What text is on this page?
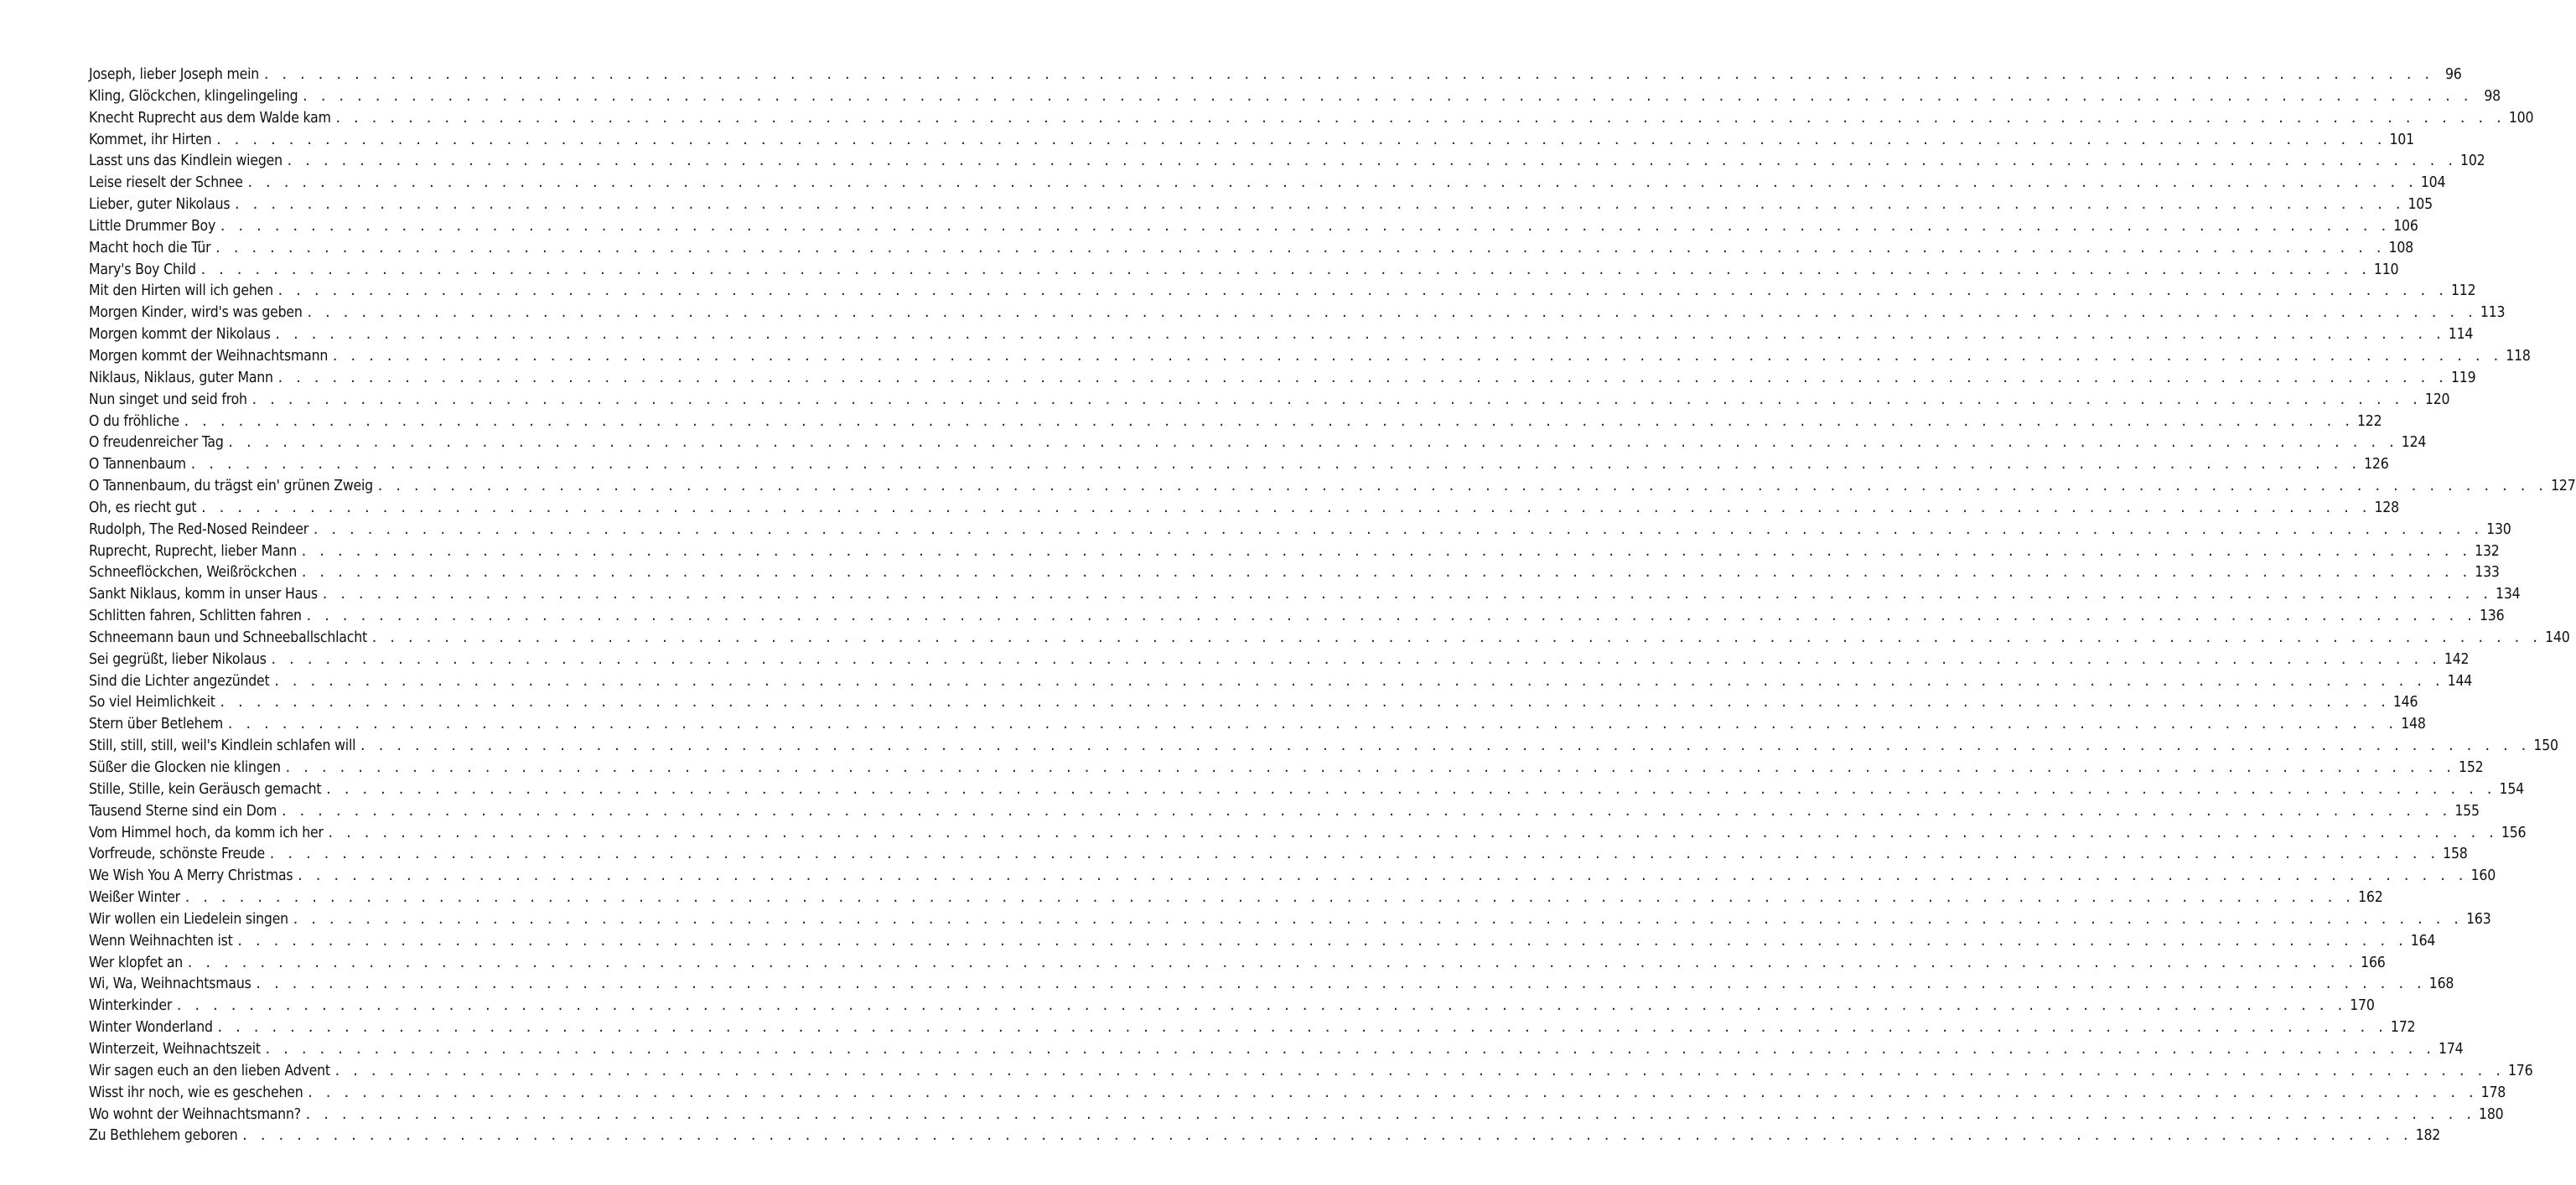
Joseph, lieber Joseph mein . . . . . . . . . . . . . . . . . . . . . . . . . . . . . . . . . . . . . . . . . . . . . . . . . . . . . . . . . . . . . . . . . . . . . . . . . . . . . . . . . . . . . . . . . . . . . . . . . . . . . . . . . . . . . . . . . . . . . . . . 96
Kling, Glöckchen, klingelingeling . . . . . . . . . . . . . . . . . . . . . . . . . . . . . . . . . . . . . . . . . . . . . . . . . . . . . . . . . . . . . . . . . . . . . . . . . . . . . . . . . . . . . . . . . . . . . . . . . . . . . . . . . . . . . . . . . . . . . . . . 98
Knecht Ruprecht aus dem Walde kam . . . . . . . . . . . . . . . . . . . . . . . . . . . . . . . . . . . . . . . . . . . . . . . . . . . . . . . . . . . . . . . . . . . . . . . . . . . . . . . . . . . . . . . . . . . . . . . . . . . . . . . . . . . . . . . . . . . . . . . . 100
Kommet, ihr Hirten . . . . . . . . . . . . . . . . . . . . . . . . . . . . . . . . . . . . . . . . . . . . . . . . . . . . . . . . . . . . . . . . . . . . . . . . . . . . . . . . . . . . . . . . . . . . . . . . . . . . . . . . . . . . . . . . . . . . . . . . 101
Lasst uns das Kindlein wiegen . . . . . . . . . . . . . . . . . . . . . . . . . . . . . . . . . . . . . . . . . . . . . . . . . . . . . . . . . . . . . . . . . . . . . . . . . . . . . . . . . . . . . . . . . . . . . . . . . . . . . . . . . . . . . . . . . . . . . . . . 102
Leise rieselt der Schnee . . . . . . . . . . . . . . . . . . . . . . . . . . . . . . . . . . . . . . . . . . . . . . . . . . . . . . . . . . . . . . . . . . . . . . . . . . . . . . . . . . . . . . . . . . . . . . . . . . . . . . . . . . . . . . . . . . . . . . . . 104
Lieber, guter Nikolaus . . . . . . . . . . . . . . . . . . . . . . . . . . . . . . . . . . . . . . . . . . . . . . . . . . . . . . . . . . . . . . . . . . . . . . . . . . . . . . . . . . . . . . . . . . . . . . . . . . . . . . . . . . . . . . . . . . . . . . . . 105
Little Drummer Boy . . . . . . . . . . . . . . . . . . . . . . . . . . . . . . . . . . . . . . . . . . . . . . . . . . . . . . . . . . . . . . . . . . . . . . . . . . . . . . . . . . . . . . . . . . . . . . . . . . . . . . . . . . . . . . . . . . . . . . . . 106
Macht hoch die Tür . . . . . . . . . . . . . . . . . . . . . . . . . . . . . . . . . . . . . . . . . . . . . . . . . . . . . . . . . . . . . . . . . . . . . . . . . . . . . . . . . . . . . . . . . . . . . . . . . . . . . . . . . . . . . . . . . . . . . . . . 108
Mary's Boy Child . . . . . . . . . . . . . . . . . . . . . . . . . . . . . . . . . . . . . . . . . . . . . . . . . . . . . . . . . . . . . . . . . . . . . . . . . . . . . . . . . . . . . . . . . . . . . . . . . . . . . . . . . . . . . . . . . . . . . . . . 110
Mit den Hirten will ich gehen . . . . . . . . . . . . . . . . . . . . . . . . . . . . . . . . . . . . . . . . . . . . . . . . . . . . . . . . . . . . . . . . . . . . . . . . . . . . . . . . . . . . . . . . . . . . . . . . . . . . . . . . . . . . . . . . . . . . . . . . 112
Morgen Kinder, wird's was geben . . . . . . . . . . . . . . . . . . . . . . . . . . . . . . . . . . . . . . . . . . . . . . . . . . . . . . . . . . . . . . . . . . . . . . . . . . . . . . . . . . . . . . . . . . . . . . . . . . . . . . . . . . . . . . . . . . . . . . . . 113
Morgen kommt der Nikolaus . . . . . . . . . . . . . . . . . . . . . . . . . . . . . . . . . . . . . . . . . . . . . . . . . . . . . . . . . . . . . . . . . . . . . . . . . . . . . . . . . . . . . . . . . . . . . . . . . . . . . . . . . . . . . . . . . . . . . . . . 114
Morgen kommt der Weihnachtsmann . . . . . . . . . . . . . . . . . . . . . . . . . . . . . . . . . . . . . . . . . . . . . . . . . . . . . . . . . . . . . . . . . . . . . . . . . . . . . . . . . . . . . . . . . . . . . . . . . . . . . . . . . . . . . . . . . . . . . . . . 118
Niklaus, Niklaus, guter Mann . . . . . . . . . . . . . . . . . . . . . . . . . . . . . . . . . . . . . . . . . . . . . . . . . . . . . . . . . . . . . . . . . . . . . . . . . . . . . . . . . . . . . . . . . . . . . . . . . . . . . . . . . . . . . . . . . . . . . . . . 119
Nun singet und seid froh . . . . . . . . . . . . . . . . . . . . . . . . . . . . . . . . . . . . . . . . . . . . . . . . . . . . . . . . . . . . . . . . . . . . . . . . . . . . . . . . . . . . . . . . . . . . . . . . . . . . . . . . . . . . . . . . . . . . . . . . 120
O du fröhliche . . . . . . . . . . . . . . . . . . . . . . . . . . . . . . . . . . . . . . . . . . . . . . . . . . . . . . . . . . . . . . . . . . . . . . . . . . . . . . . . . . . . . . . . . . . . . . . . . . . . . . . . . . . . . . . . . . . . . . . . 122
O freudenreicher Tag . . . . . . . . . . . . . . . . . . . . . . . . . . . . . . . . . . . . . . . . . . . . . . . . . . . . . . . . . . . . . . . . . . . . . . . . . . . . . . . . . . . . . . . . . . . . . . . . . . . . . . . . . . . . . . . . . . . . . . . . 124
O Tannenbaum . . . . . . . . . . . . . . . . . . . . . . . . . . . . . . . . . . . . . . . . . . . . . . . . . . . . . . . . . . . . . . . . . . . . . . . . . . . . . . . . . . . . . . . . . . . . . . . . . . . . . . . . . . . . . . . . . . . . . . . . 126
O Tannenbaum, du trägst ein' grünen Zweig . . . . . . . . . . . . . . . . . . . . . . . . . . . . . . . . . . . . . . . . . . . . . . . . . . . . . . . . . . . . . . . . . . . . . . . . . . . . . . . . . . . . . . . . . . . . . . . . . . . . . . . . . . . . . . . . . . . . . . . . 127
Oh, es riecht gut . . . . . . . . . . . . . . . . . . . . . . . . . . . . . . . . . . . . . . . . . . . . . . . . . . . . . . . . . . . . . . . . . . . . . . . . . . . . . . . . . . . . . . . . . . . . . . . . . . . . . . . . . . . . . . . . . . . . . . . . 128
Rudolph, The Red-Nosed Reindeer . . . . . . . . . . . . . . . . . . . . . . . . . . . . . . . . . . . . . . . . . . . . . . . . . . . . . . . . . . . . . . . . . . . . . . . . . . . . . . . . . . . . . . . . . . . . . . . . . . . . . . . . . . . . . . . . . . . . . . . . 130
Ruprecht, Ruprecht, lieber Mann . . . . . . . . . . . . . . . . . . . . . . . . . . . . . . . . . . . . . . . . . . . . . . . . . . . . . . . . . . . . . . . . . . . . . . . . . . . . . . . . . . . . . . . . . . . . . . . . . . . . . . . . . . . . . . . . . . . . . . . . 132
Schneeflöckchen, Weißröckchen . . . . . . . . . . . . . . . . . . . . . . . . . . . . . . . . . . . . . . . . . . . . . . . . . . . . . . . . . . . . . . . . . . . . . . . . . . . . . . . . . . . . . . . . . . . . . . . . . . . . . . . . . . . . . . . . . . . . . . . . 133
Sankt Niklaus, komm in unser Haus . . . . . . . . . . . . . . . . . . . . . . . . . . . . . . . . . . . . . . . . . . . . . . . . . . . . . . . . . . . . . . . . . . . . . . . . . . . . . . . . . . . . . . . . . . . . . . . . . . . . . . . . . . . . . . . . . . . . . . . . 134
Schlitten fahren, Schlitten fahren . . . . . . . . . . . . . . . . . . . . . . . . . . . . . . . . . . . . . . . . . . . . . . . . . . . . . . . . . . . . . . . . . . . . . . . . . . . . . . . . . . . . . . . . . . . . . . . . . . . . . . . . . . . . . . . . . . . . . . . . 136
Schneemann baun und Schneeballschlacht . . . . . . . . . . . . . . . . . . . . . . . . . . . . . . . . . . . . . . . . . . . . . . . . . . . . . . . . . . . . . . . . . . . . . . . . . . . . . . . . . . . . . . . . . . . . . . . . . . . . . . . . . . . . . . . . . . . . . . . . 140
Sei gegrüßt, lieber Nikolaus . . . . . . . . . . . . . . . . . . . . . . . . . . . . . . . . . . . . . . . . . . . . . . . . . . . . . . . . . . . . . . . . . . . . . . . . . . . . . . . . . . . . . . . . . . . . . . . . . . . . . . . . . . . . . . . . . . . . . . . . 142
Sind die Lichter angezündet . . . . . . . . . . . . . . . . . . . . . . . . . . . . . . . . . . . . . . . . . . . . . . . . . . . . . . . . . . . . . . . . . . . . . . . . . . . . . . . . . . . . . . . . . . . . . . . . . . . . . . . . . . . . . . . . . . . . . . . . 144
So viel Heimlichkeit . . . . . . . . . . . . . . . . . . . . . . . . . . . . . . . . . . . . . . . . . . . . . . . . . . . . . . . . . . . . . . . . . . . . . . . . . . . . . . . . . . . . . . . . . . . . . . . . . . . . . . . . . . . . . . . . . . . . . . . . 146
Stern über Betlehem . . . . . . . . . . . . . . . . . . . . . . . . . . . . . . . . . . . . . . . . . . . . . . . . . . . . . . . . . . . . . . . . . . . . . . . . . . . . . . . . . . . . . . . . . . . . . . . . . . . . . . . . . . . . . . . . . . . . . . . . 148
Still, still, still, weil's Kindlein schlafen will . . . . . . . . . . . . . . . . . . . . . . . . . . . . . . . . . . . . . . . . . . . . . . . . . . . . . . . . . . . . . . . . . . . . . . . . . . . . . . . . . . . . . . . . . . . . . . . . . . . . . . . . . . . . . . . . . . . . . . . . 150
Süßer die Glocken nie klingen . . . . . . . . . . . . . . . . . . . . . . . . . . . . . . . . . . . . . . . . . . . . . . . . . . . . . . . . . . . . . . . . . . . . . . . . . . . . . . . . . . . . . . . . . . . . . . . . . . . . . . . . . . . . . . . . . . . . . . . . 152
Stille, Stille, kein Geräusch gemacht . . . . . . . . . . . . . . . . . . . . . . . . . . . . . . . . . . . . . . . . . . . . . . . . . . . . . . . . . . . . . . . . . . . . . . . . . . . . . . . . . . . . . . . . . . . . . . . . . . . . . . . . . . . . . . . . . . . . . . . . 154
Tausend Sterne sind ein Dom . . . . . . . . . . . . . . . . . . . . . . . . . . . . . . . . . . . . . . . . . . . . . . . . . . . . . . . . . . . . . . . . . . . . . . . . . . . . . . . . . . . . . . . . . . . . . . . . . . . . . . . . . . . . . . . . . . . . . . . . 155
Vom Himmel hoch, da komm ich her . . . . . . . . . . . . . . . . . . . . . . . . . . . . . . . . . . . . . . . . . . . . . . . . . . . . . . . . . . . . . . . . . . . . . . . . . . . . . . . . . . . . . . . . . . . . . . . . . . . . . . . . . . . . . . . . . . . . . . . . 156
Vorfreude, schönste Freude . . . . . . . . . . . . . . . . . . . . . . . . . . . . . . . . . . . . . . . . . . . . . . . . . . . . . . . . . . . . . . . . . . . . . . . . . . . . . . . . . . . . . . . . . . . . . . . . . . . . . . . . . . . . . . . . . . . . . . . . 158
We Wish You A Merry Christmas . . . . . . . . . . . . . . . . . . . . . . . . . . . . . . . . . . . . . . . . . . . . . . . . . . . . . . . . . . . . . . . . . . . . . . . . . . . . . . . . . . . . . . . . . . . . . . . . . . . . . . . . . . . . . . . . . . . . . . . . 160
Weißer Winter . . . . . . . . . . . . . . . . . . . . . . . . . . . . . . . . . . . . . . . . . . . . . . . . . . . . . . . . . . . . . . . . . . . . . . . . . . . . . . . . . . . . . . . . . . . . . . . . . . . . . . . . . . . . . . . . . . . . . . . . 162
Wir wollen ein Liedelein singen . . . . . . . . . . . . . . . . . . . . . . . . . . . . . . . . . . . . . . . . . . . . . . . . . . . . . . . . . . . . . . . . . . . . . . . . . . . . . . . . . . . . . . . . . . . . . . . . . . . . . . . . . . . . . . . . . . . . . . . . 163
Wenn Weihnachten ist . . . . . . . . . . . . . . . . . . . . . . . . . . . . . . . . . . . . . . . . . . . . . . . . . . . . . . . . . . . . . . . . . . . . . . . . . . . . . . . . . . . . . . . . . . . . . . . . . . . . . . . . . . . . . . . . . . . . . . . . 164
Wer klopfet an . . . . . . . . . . . . . . . . . . . . . . . . . . . . . . . . . . . . . . . . . . . . . . . . . . . . . . . . . . . . . . . . . . . . . . . . . . . . . . . . . . . . . . . . . . . . . . . . . . . . . . . . . . . . . . . . . . . . . . . . 166
Wi, Wa, Weihnachtsmaus . . . . . . . . . . . . . . . . . . . . . . . . . . . . . . . . . . . . . . . . . . . . . . . . . . . . . . . . . . . . . . . . . . . . . . . . . . . . . . . . . . . . . . . . . . . . . . . . . . . . . . . . . . . . . . . . . . . . . . . . 168
Winterkinder . . . . . . . . . . . . . . . . . . . . . . . . . . . . . . . . . . . . . . . . . . . . . . . . . . . . . . . . . . . . . . . . . . . . . . . . . . . . . . . . . . . . . . . . . . . . . . . . . . . . . . . . . . . . . . . . . . . . . . . . 170
Winter Wonderland . . . . . . . . . . . . . . . . . . . . . . . . . . . . . . . . . . . . . . . . . . . . . . . . . . . . . . . . . . . . . . . . . . . . . . . . . . . . . . . . . . . . . . . . . . . . . . . . . . . . . . . . . . . . . . . . . . . . . . . . 172
Winterzeit, Weihnachtszeit . . . . . . . . . . . . . . . . . . . . . . . . . . . . . . . . . . . . . . . . . . . . . . . . . . . . . . . . . . . . . . . . . . . . . . . . . . . . . . . . . . . . . . . . . . . . . . . . . . . . . . . . . . . . . . . . . . . . . . . . 174
Wir sagen euch an den lieben Advent . . . . . . . . . . . . . . . . . . . . . . . . . . . . . . . . . . . . . . . . . . . . . . . . . . . . . . . . . . . . . . . . . . . . . . . . . . . . . . . . . . . . . . . . . . . . . . . . . . . . . . . . . . . . . . . . . . . . . . . . 176
Wisst ihr noch, wie es geschehen . . . . . . . . . . . . . . . . . . . . . . . . . . . . . . . . . . . . . . . . . . . . . . . . . . . . . . . . . . . . . . . . . . . . . . . . . . . . . . . . . . . . . . . . . . . . . . . . . . . . . . . . . . . . . . . . . . . . . . . . 178
Wo wohnt der Weihnachtsmann? . . . . . . . . . . . . . . . . . . . . . . . . . . . . . . . . . . . . . . . . . . . . . . . . . . . . . . . . . . . . . . . . . . . . . . . . . . . . . . . . . . . . . . . . . . . . . . . . . . . . . . . . . . . . . . . . . . . . . . . . 180
Zu Bethlehem geboren . . . . . . . . . . . . . . . . . . . . . . . . . . . . . . . . . . . . . . . . . . . . . . . . . . . . . . . . . . . . . . . . . . . . . . . . . . . . . . . . . . . . . . . . . . . . . . . . . . . . . . . . . . . . . . . . . . . . . . . . 182
